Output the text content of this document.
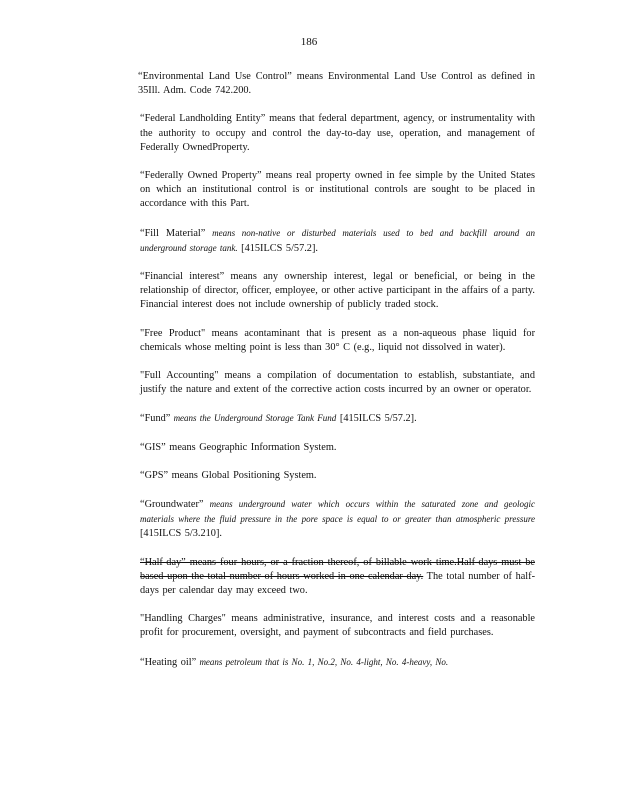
186

“Environmental Land Use Control” means Environmental Land Use Control as defined in 35Ill. Adm. Code 742.200.

“Federal Landholding Entity” means that federal department, agency, or instrumentality with the authority to occupy and control the day-to-day use, operation, and management of Federally OwnedProperty.

“Federally Owned Property” means real property owned in fee simple by the United States on which an institutional control is or institutional controls are sought to be placed in accordance with this Part.

“Fill Material” means non-native or disturbed materials used to bed and backfill around an underground storage tank. [415ILCS 5/57.2].

“Financial interest” means any ownership interest, legal or beneficial, or being in the relationship of director, officer, employee, or other active participant in the affairs of a party. Financial interest does not include ownership of publicly traded stock.

"Free Product" means acontaminant that is present as a non-aqueous phase liquid for chemicals whose melting point is less than 30° C (e.g., liquid not dissolved in water).

"Full Accounting" means a compilation of documentation to establish, substantiate, and justify the nature and extent of the corrective action costs incurred by an owner or operator.

“Fund” means the Underground Storage Tank Fund [415ILCS 5/57.2].

“GIS” means Geographic Information System.

“GPS” means Global Positioning System.

“Groundwater” means underground water which occurs within the saturated zone and geologic materials where the fluid pressure in the pore space is equal to or greater than atmospheric pressure [415ILCS 5/3.210].

“Half-day” means four hours, or a fraction thereof, of billable work time.Half-days must be based upon the total number of hours worked in one calendar day. The total number of half-days per calendar day may exceed two.

"Handling Charges" means administrative, insurance, and interest costs and a reasonable profit for procurement, oversight, and payment of subcontracts and field purchases.

“Heating oil” means petroleum that is No. 1, No.2, No. 4-light, No. 4-heavy, No.
